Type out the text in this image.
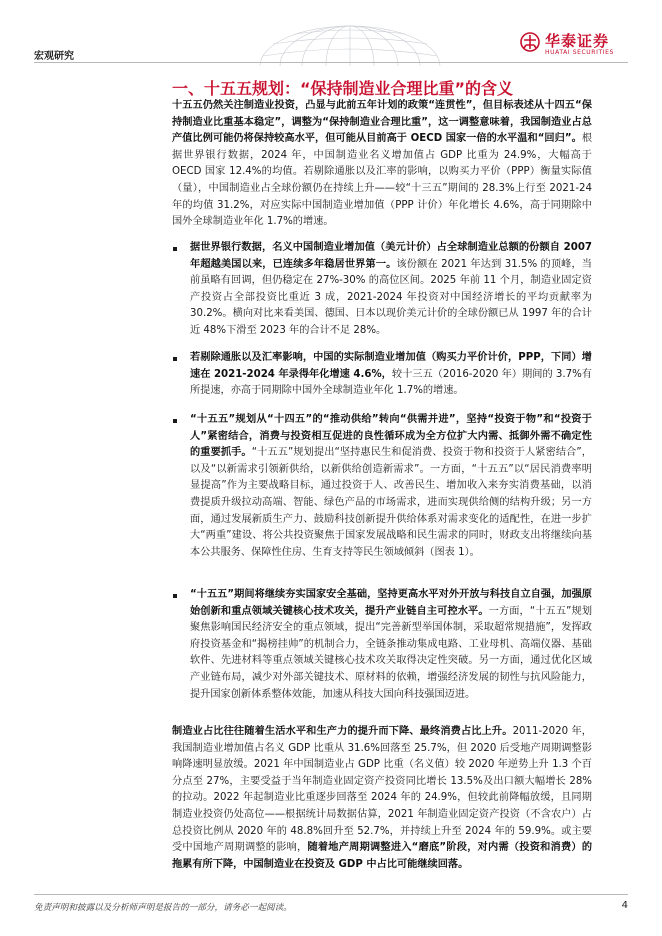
宏观研究
华泰证券
HUATAI SECURITIES
一、十五五规划：“保持制造业合理比重”的含义
十五五仍然关注制造业投资，凸显与此前五年计划的政策“连贯性”，但目标表述从十四五“保持制造业比重基本稳定”，调整为“保持制造业合理比重”，这一调整意味着，我国制造业占总产值比例可能仍将保持较高水平，但可能从目前高于 OECD 国家一倍的水平温和“回归”。根据世界银行数据，2024 年，中国制造业名义增加值占 GDP 比重为 24.9%，大幅高于 OECD 国家 12.4%的均值。若剔除通胀以及汇率的影响，以购买力平价（PPP）衡量实际值（量），中国制造业占全球份额仍在持续上升——较“十三五”期间的 28.3%上行至 2021-24 年的均值 31.2%，对应实际中国制造业增加值（PPP 计价）年化增长 4.6%，高于同期除中国外全球制造业年化 1.7%的增速。
据世界银行数据，名义中国制造业增加值（美元计价）占全球制造业总额的份额自 2007 年超越美国以来，已连续多年稳居世界第一。该份额在 2021 年达到 31.5% 的顶峰，当前虽略有回调，但仍稳定在 27%-30% 的高位区间。2025 年前 11 个月，制造业固定资产投资占全部投资比重近 3 成，2021-2024 年投资对中国经济增长的平均贡献率为 30.2%。横向对比来看美国、德国、日本以现价美元计价的全球份额已从 1997 年的合计近 48%下滑至 2023 年的合计不足 28%。
若剔除通胀以及汇率影响，中国的实际制造业增加值（购买力平价计价，PPP，下同）增速在 2021-2024 年录得年化增速 4.6%，较十三五（2016-2020 年）期间的 3.7%有所提速，亦高于同期除中国外全球制造业年化 1.7%的增速。
“十五五”规划从“十四五”的“推动供给”转向“供需并进”，坚持“投资于物”和“投资于人”紧密结合，消费与投资相互促进的良性循环成为全方位扩大内需、抵御外需不确定性的重要抓手。“十五五”规划提出“坚持惠民生和促消费、投资于物和投资于人紧密结合”，以及“以新需求引领新供给，以新供给创造新需求”。一方面，“十五五”以“居民消费率明显提高”作为主要战略目标，通过投资于人、改善民生、增加收入来夯实消费基础，以消费提质升级拉动高端、智能、绿色产品的市场需求，进而实现供给侧的结构升级；另一方面，通过发展新质生产力、鼓励科技创新提升供给体系对需求变化的适配性，在进一步扩大“两重”建设、将公共投资聚焦于国家发展战略和民生需求的同时，财政支出将继续向基本公共服务、保障性住房、生育支持等民生领域倾斜（图表 1）。
“十五五”期间将继续夯实国家安全基础，坚持更高水平对外开放与科技自立自强，加强原始创新和重点领域关键核心技术攻关，提升产业链自主可控水平。一方面，“十五五”规划聚焦影响国民经济安全的重点领域，提出“完善新型举国体制，采取超常规措施”，发挥政府投资基金和“揭榜挂帅”的机制合力，全链条推动集成电路、工业母机、高端仪器、基础软件、先进材料等重点领域关键核心技术攻关取得决定性突破。另一方面，通过优化区域产业链布局，减少对外部关键技术、原材料的依赖，增强经济发展的韧性与抗风险能力，提升国家创新体系整体效能，加速从科技大国向科技强国迈进。
制造业占比往往随着生活水平和生产力的提升而下降、最终消费占比上升。2011-2020 年，我国制造业增加值占名义 GDP 比重从 31.6%回落至 25.7%，但 2020 后受地产周期调整影响降速明显放缓。2021 年中国制造业占 GDP 比重（名义值）较 2020 年逆势上升 1.3 个百分点至 27%，主要受益于当年制造业固定资产投资同比增长 13.5%及出口额大幅增长 28%的拉动。2022 年起制造业比重逐步回落至 2024 年的 24.9%，但较此前降幅放缓，且同期制造业投资仍处高位——根据统计局数据估算，2021 年制造业固定资产投资（不含农户）占总投资比例从 2020 年的 48.8%回升至 52.7%，并持续上升至 2024 年的 59.9%。或主要受中国地产周期调整的影响，随着地产周期调整进入“磨底”阶段，对内需（投资和消费）的拖累有所下降，中国制造业在投资及 GDP 中占比可能继续回落。
免责声明和披露以及分析师声明是报告的一部分，请务必一起阅读。	4
